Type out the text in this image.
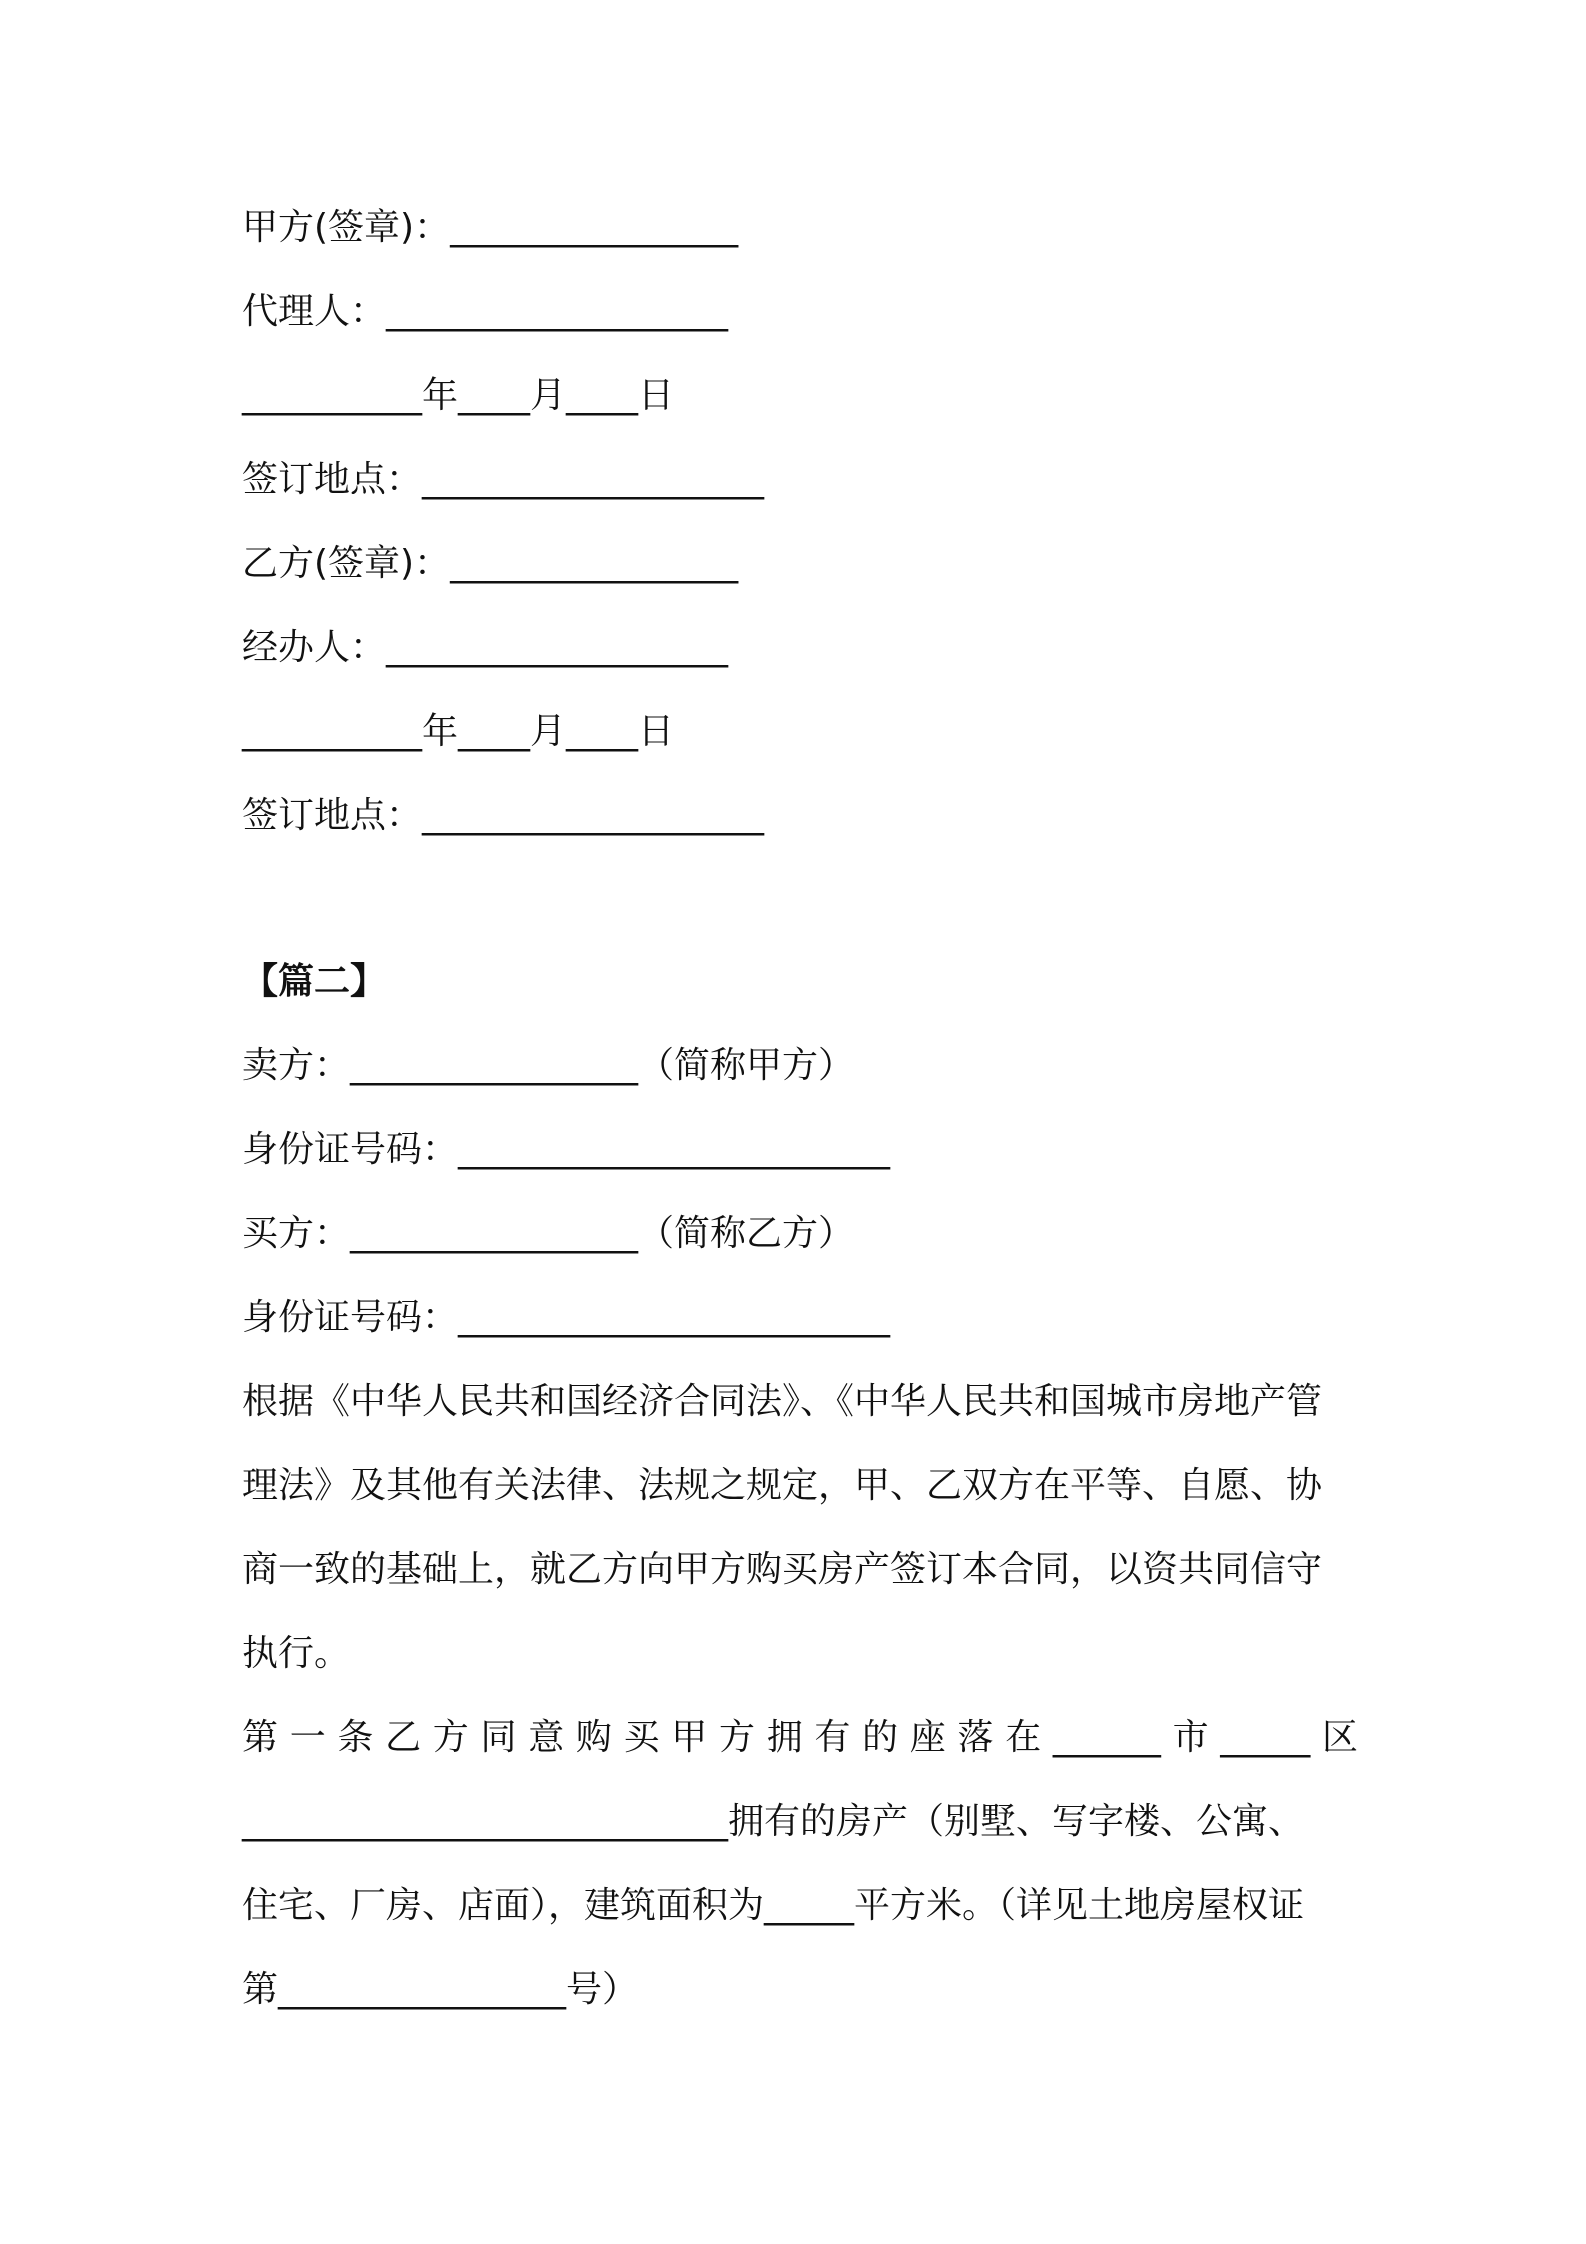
甲方(签章)：________________
代理人：___________________
__________年____月____日
签订地点：___________________
乙方(签章)：________________
经办人：___________________
__________年____月____日
签订地点：___________________
【篇二】
卖方：________________（简称甲方）
身份证号码：________________________
买方：________________（简称乙方）
身份证号码：________________________
根据《中华人民共和国经济合同法》、《中华人民共和国城市房地产管
理法》及其他有关法律、法规之规定，甲、乙双方在平等、自愿、协
商一致的基础上，就乙方向甲方购买房产签订本合同，以资共同信守
执行。
第一条乙方同意购买甲方拥有的座落在______市_____区
___________________________拥有的房产（别墅、写字楼、公寓、
住宅、厂房、店面），建筑面积为_____平方米。（详见土地房屋权证
第________________号）
